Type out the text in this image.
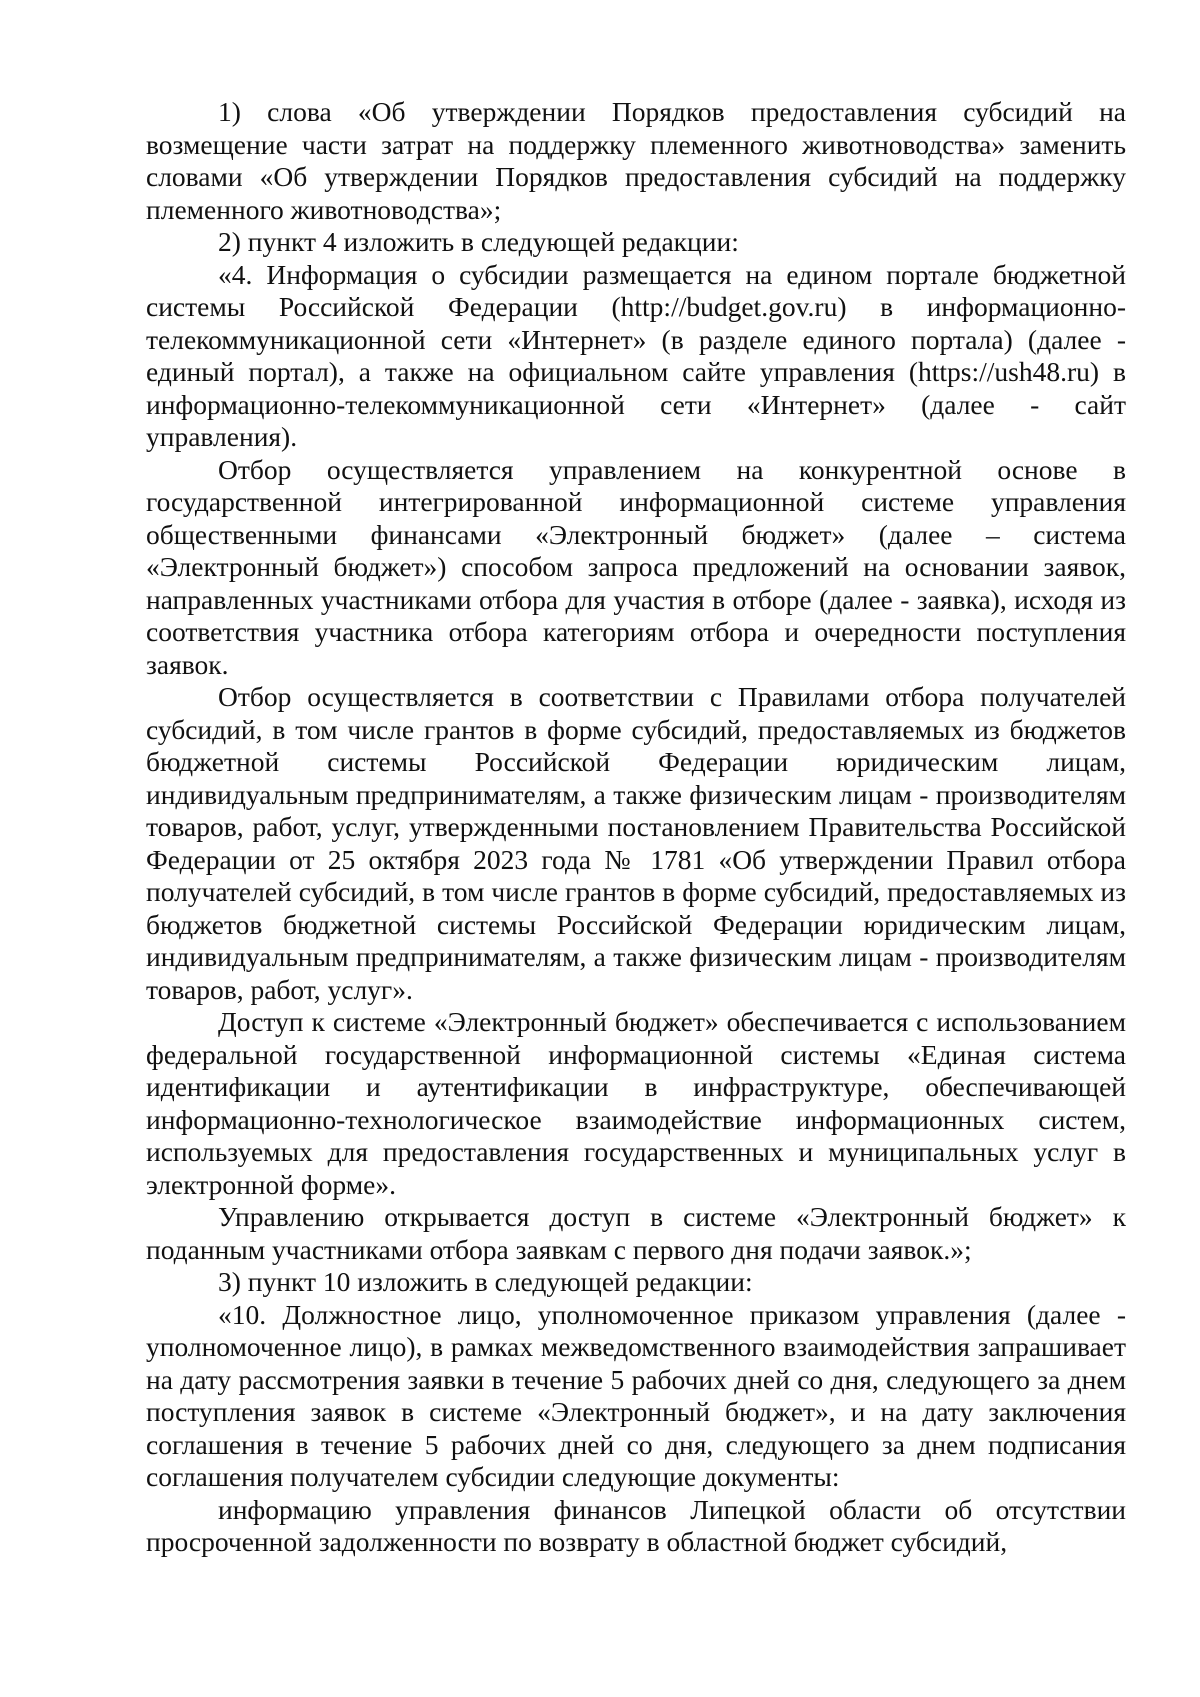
1) слова «Об утверждении Порядков предоставления субсидий на возмещение части затрат на поддержку племенного животноводства» заменить словами «Об утверждении Порядков предоставления субсидий на поддержку племенного животноводства»;

2) пункт 4 изложить в следующей редакции:

«4. Информация о субсидии размещается на едином портале бюджетной системы Российской Федерации (http://budget.gov.ru) в информационно-телекоммуникационной сети «Интернет» (в разделе единого портала) (далее - единый портал), а также на официальном сайте управления (https://ush48.ru) в информационно-телекоммуникационной сети «Интернет» (далее - сайт управления).

Отбор осуществляется управлением на конкурентной основе в государственной интегрированной информационной системе управления общественными финансами «Электронный бюджет» (далее – система «Электронный бюджет») способом запроса предложений на основании заявок, направленных участниками отбора для участия в отборе (далее - заявка), исходя из соответствия участника отбора категориям отбора и очередности поступления заявок.

Отбор осуществляется в соответствии с Правилами отбора получателей субсидий, в том числе грантов в форме субсидий, предоставляемых из бюджетов бюджетной системы Российской Федерации юридическим лицам, индивидуальным предпринимателям, а также физическим лицам - производителям товаров, работ, услуг, утвержденными постановлением Правительства Российской Федерации от 25 октября 2023 года № 1781 «Об утверждении Правил отбора получателей субсидий, в том числе грантов в форме субсидий, предоставляемых из бюджетов бюджетной системы Российской Федерации юридическим лицам, индивидуальным предпринимателям, а также физическим лицам - производителям товаров, работ, услуг».

Доступ к системе «Электронный бюджет» обеспечивается с использованием федеральной государственной информационной системы «Единая система идентификации и аутентификации в инфраструктуре, обеспечивающей информационно-технологическое взаимодействие информационных систем, используемых для предоставления государственных и муниципальных услуг в электронной форме».

Управлению открывается доступ в системе «Электронный бюджет» к поданным участниками отбора заявкам с первого дня подачи заявок.»;

3) пункт 10 изложить в следующей редакции:

«10. Должностное лицо, уполномоченное приказом управления (далее - уполномоченное лицо), в рамках межведомственного взаимодействия запрашивает на дату рассмотрения заявки в течение 5 рабочих дней со дня, следующего за днем поступления заявок в системе «Электронный бюджет», и на дату заключения соглашения в течение 5 рабочих дней со дня, следующего за днем подписания соглашения получателем субсидии следующие документы:

информацию управления финансов Липецкой области об отсутствии просроченной задолженности по возврату в областной бюджет субсидий,
